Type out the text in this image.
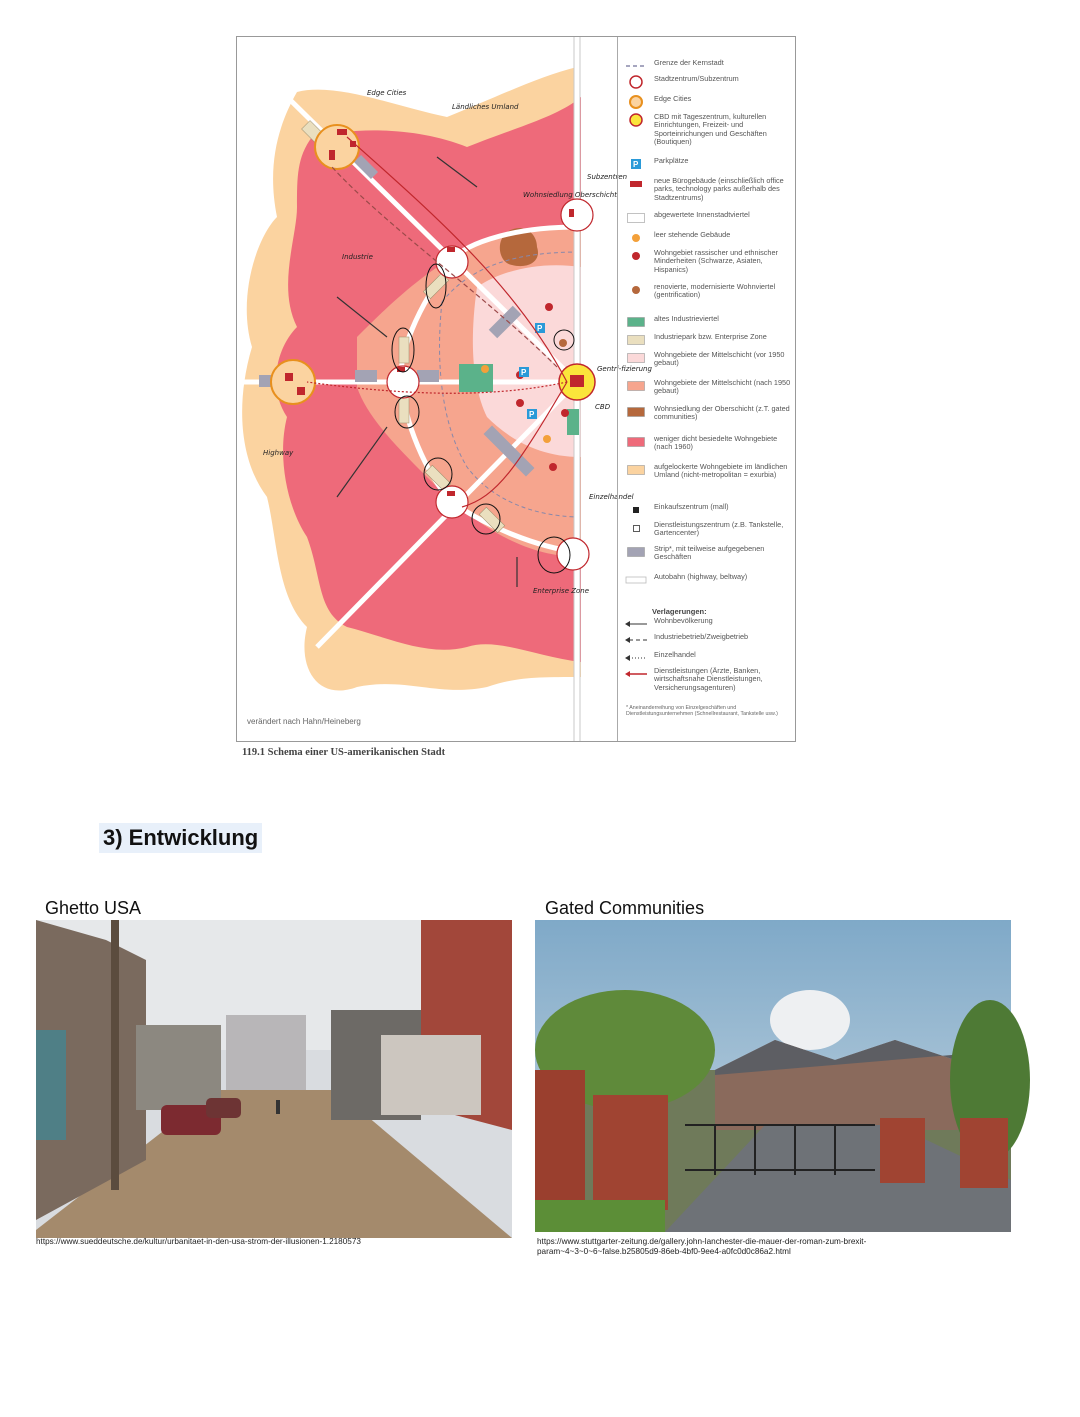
P
P
P
Edge Cities
Ländliches Umland
Industrie
Subzentren
Wohnsiedlung Oberschicht
Gentri-fizierung
CBD
Highway
Einzelhandel
Enterprise Zone
Grenze der Kernstadt
Stadtzentrum/Subzentrum
Edge Cities
CBD mit Tageszentrum, kulturellen Einrichtungen, Freizeit- und Sporteinrichungen und Geschäften (Boutiquen)
P Parkplätze
neue Bürogebäude (einschließlich office parks, technology parks außerhalb des Stadtzentrums)
abgewertete Innenstadtviertel
leer stehende Gebäude
Wohngebiet rassischer und ethnischer Minderheiten (Schwarze, Asiaten, Hispanics)
renovierte, modernisierte Wohnviertel (gentrification)
altes Industrieviertel
Industriepark bzw. Enterprise Zone
Wohngebiete der Mittelschicht (vor 1950 gebaut)
Wohngebiete der Mittelschicht (nach 1950 gebaut)
Wohnsiedlung der Oberschicht (z.T. gated communities)
weniger dicht besiedelte Wohngebiete (nach 1960)
aufgelockerte Wohngebiete im ländlichen Umland (nicht-metropolitan = exurbia)
Einkaufszentrum (mall)
Dienstleistungszentrum (z.B. Tankstelle, Gartencenter)
Strip*, mit teilweise aufgegebenen Geschäften
Autobahn (highway, beltway)
Verlagerungen:
Wohnbevölkerung
Industriebetrieb/Zweigbetrieb
Einzelhandel
Dienstleistungen (Ärzte, Banken, wirtschaftsnahe Dienstleistungen, Versicherungsagenturen)
* Aneinanderreihung von Einzelgeschäften und Dienstleistungsunternehmen (Schnellrestaurant, Tankstelle usw.)
verändert nach Hahn/Heineberg
119.1 Schema einer US-amerikanischen Stadt
3) Entwicklung
Ghetto USA
https://www.sueddeutsche.de/kultur/urbanitaet-in-den-usa-strom-der-illusionen-1.2180573
Gated Communities
https://www.stuttgarter-zeitung.de/gallery.john-lanchester-die-mauer-der-roman-zum-brexit-
param~4~3~0~6~false.b25805d9-86eb-4bf0-9ee4-a0fc0d0c86a2.html
